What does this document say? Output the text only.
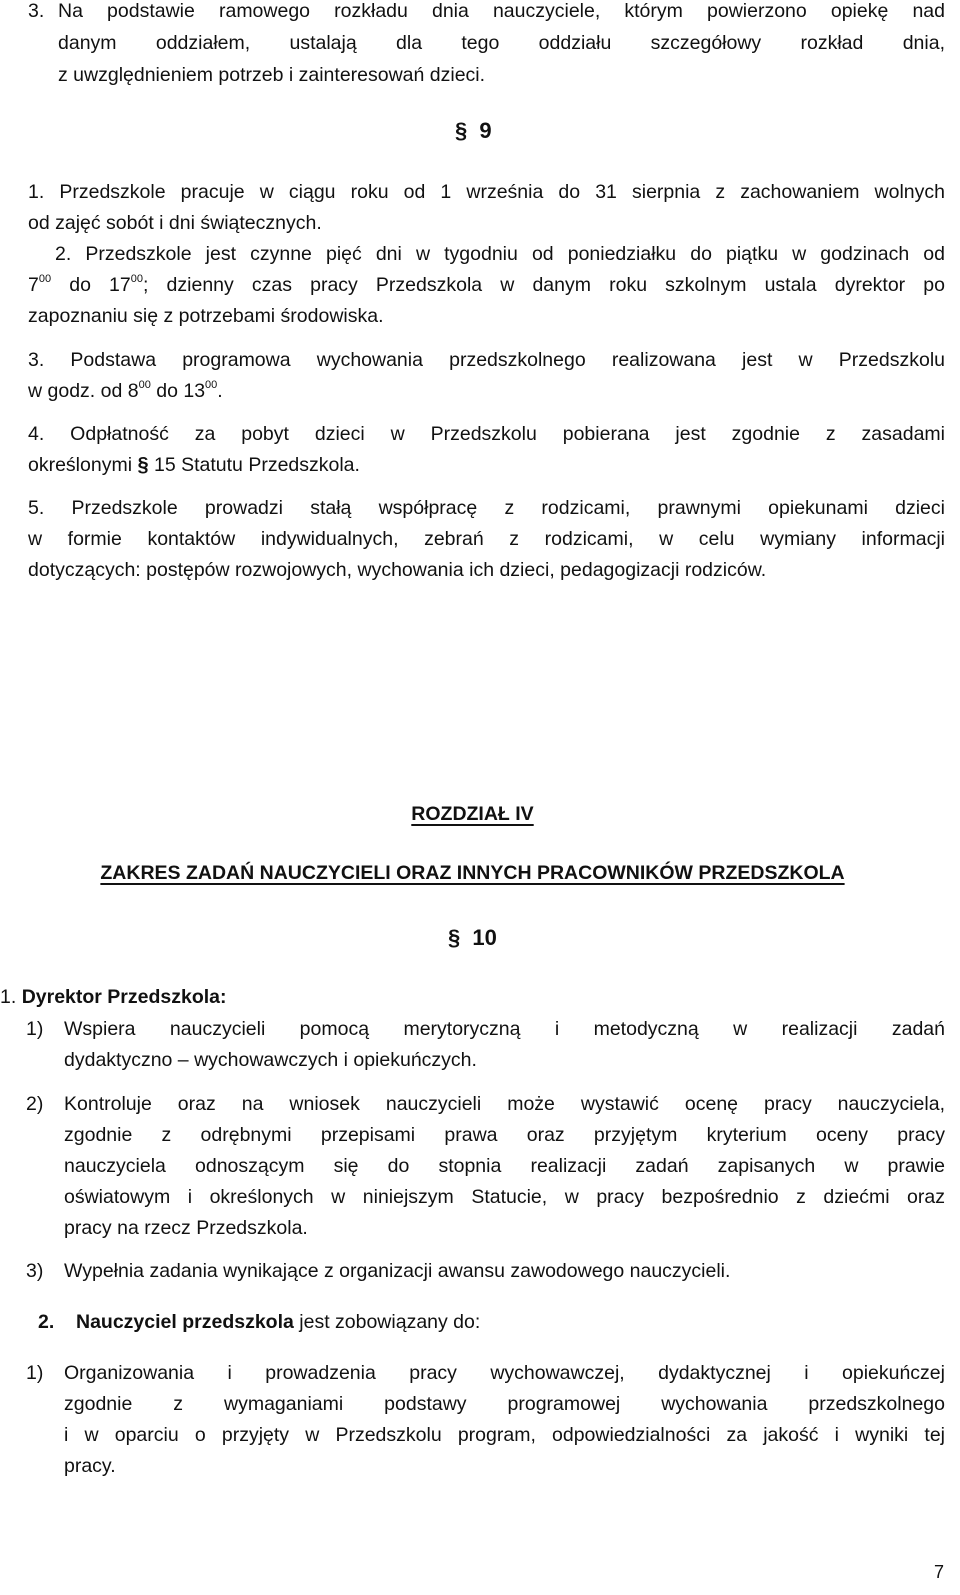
3. Na podstawie ramowego rozkładu dnia nauczyciele, którym powierzono opiekę nad
danym oddziałem, ustalają dla tego oddziału szczegółowy rozkład dnia,
z uwzględnieniem potrzeb i zainteresowań dzieci.
§ 9
1. Przedszkole pracuje w ciągu roku od 1 września do 31 sierpnia z zachowaniem wolnych
od zajęć sobót i dni świątecznych.
2. Przedszkole jest czynne pięć dni w tygodniu od poniedziałku do piątku w godzinach od
$7^{00}$ do $17^{00}$; dzienny czas pracy Przedszkola w danym roku szkolnym ustala dyrektor po
zapoznaniu się z potrzebami środowiska.
3. Podstawa programowa wychowania przedszkolnego realizowana jest w Przedszkolu
w godz. od $8^{00}$ do $13^{00}$.
4. Odpłatność za pobyt dzieci w Przedszkolu pobierana jest zgodnie z zasadami
określonymi § 15 Statutu Przedszkola.
5. Przedszkole prowadzi stałą współpracę z rodzicami, prawnymi opiekunami dzieci
w formie kontaktów indywidualnych, zebrań z rodzicami, w celu wymiany informacji
dotyczących: postępów rozwojowych, wychowania ich dzieci, pedagogizacji rodziców.
ROZDZIAŁ IV
ZAKRES ZADAŃ NAUCZYCIELI ORAZ INNYCH PRACOWNIKÓW PRZEDSZKOLA
§ 10
1. Dyrektor Przedszkola:
1) Wspiera nauczycieli pomocą merytoryczną i metodyczną w realizacji zadań
dydaktyczno – wychowawczych i opiekuńczych.
2) Kontroluje oraz na wniosek nauczycieli może wystawić ocenę pracy nauczyciela,
zgodnie z odrębnymi przepisami prawa oraz przyjętym kryterium oceny pracy
nauczyciela odnoszącym się do stopnia realizacji zadań zapisanych w prawie
oświatowym i określonych w niniejszym Statucie, w pracy bezpośrednio z dziećmi oraz
pracy na rzecz Przedszkola.
3) Wypełnia zadania wynikające z organizacji awansu zawodowego nauczycieli.
2. Nauczyciel przedszkola jest zobowiązany do:
1) Organizowania i prowadzenia pracy wychowawczej, dydaktycznej i opiekuńczej
zgodnie z wymaganiami podstawy programowej wychowania przedszkolnego
i w oparciu o przyjęty w Przedszkolu program, odpowiedzialności za jakość i wyniki tej
pracy.
7
